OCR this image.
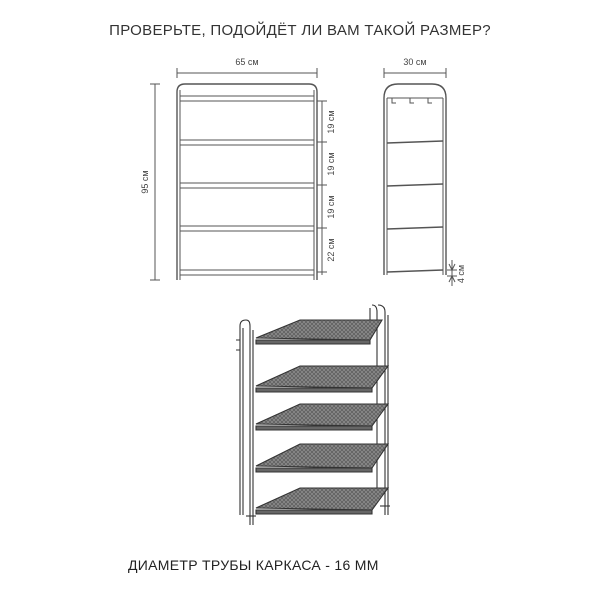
ПРОВЕРЬТЕ, ПОДОЙДЁТ ЛИ ВАМ ТАКОЙ РАЗМЕР?
65 см
95 см
19 см
19 см
19 см
22 см
30 см
4 см
ДИАМЕТР ТРУБЫ КАРКАСА - 16 ММ
